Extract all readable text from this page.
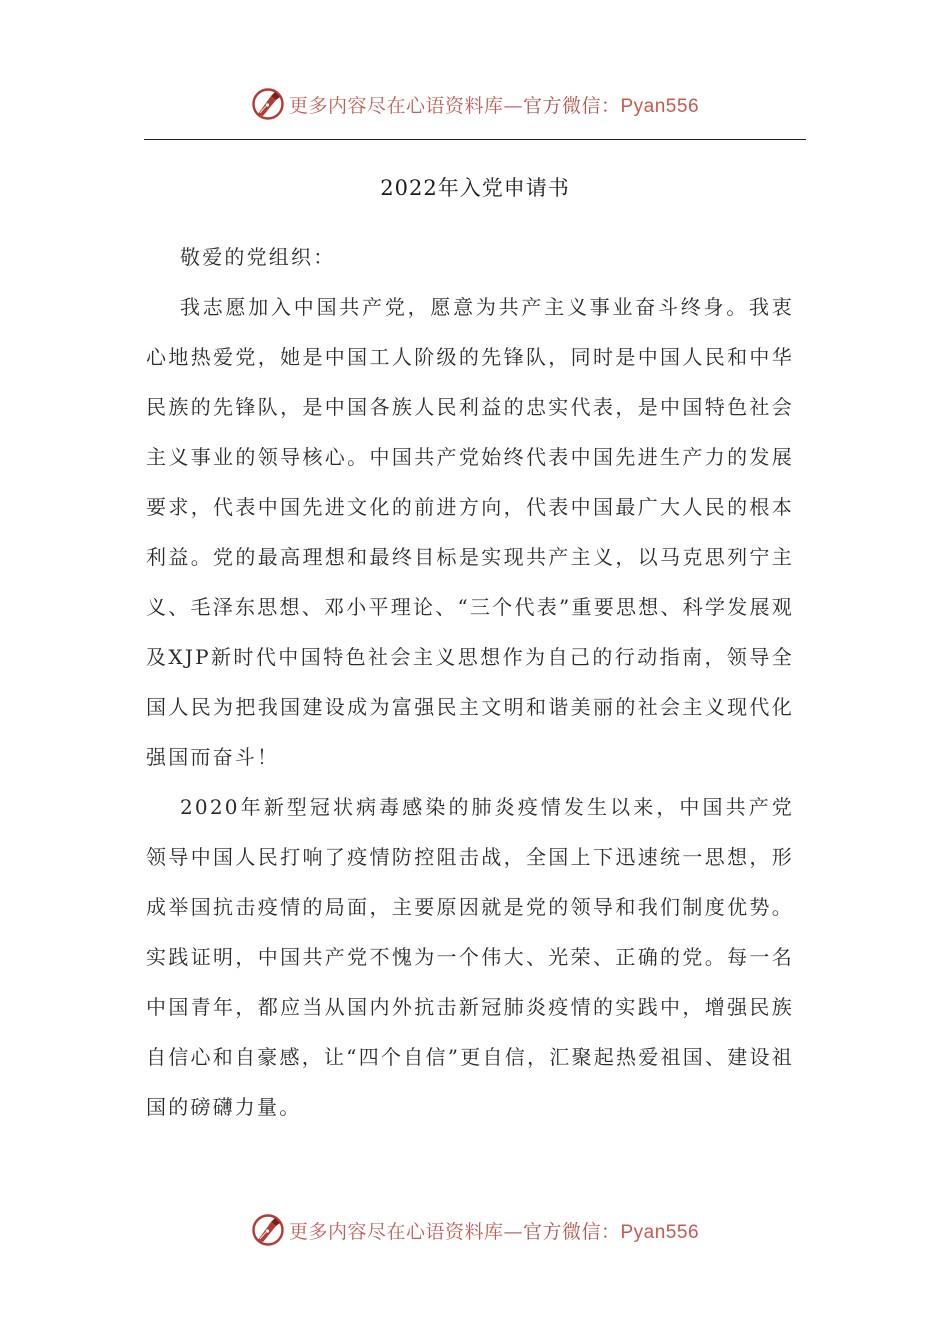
更多内容尽在心语资料库—官方微信：Pyan556
2022年入党申请书

敬爱的党组织：

我志愿加入中国共产党，愿意为共产主义事业奋斗终身。我衷心地热爱党，她是中国工人阶级的先锋队，同时是中国人民和中华民族的先锋队，是中国各族人民利益的忠实代表，是中国特色社会主义事业的领导核心。中国共产党始终代表中国先进生产力的发展要求，代表中国先进文化的前进方向，代表中国最广大人民的根本利益。党的最高理想和最终目标是实现共产主义，以马克思列宁主义、毛泽东思想、邓小平理论、“三个代表”重要思想、科学发展观及XJP新时代中国特色社会主义思想作为自己的行动指南，领导全国人民为把我国建设成为富强民主文明和谐美丽的社会主义现代化强国而奋斗！

2020年新型冠状病毒感染的肺炎疫情发生以来，中国共产党领导中国人民打响了疫情防控阻击战，全国上下迅速统一思想，形成举国抗击疫情的局面，主要原因就是党的领导和我们制度优势。实践证明，中国共产党不愧为一个伟大、光荣、正确的党。每一名中国青年，都应当从国内外抗击新冠肺炎疫情的实践中，增强民族自信心和自豪感，让“四个自信”更自信，汇聚起热爱祖国、建设祖国的磅礴力量。

更多内容尽在心语资料库—官方微信：Pyan556
